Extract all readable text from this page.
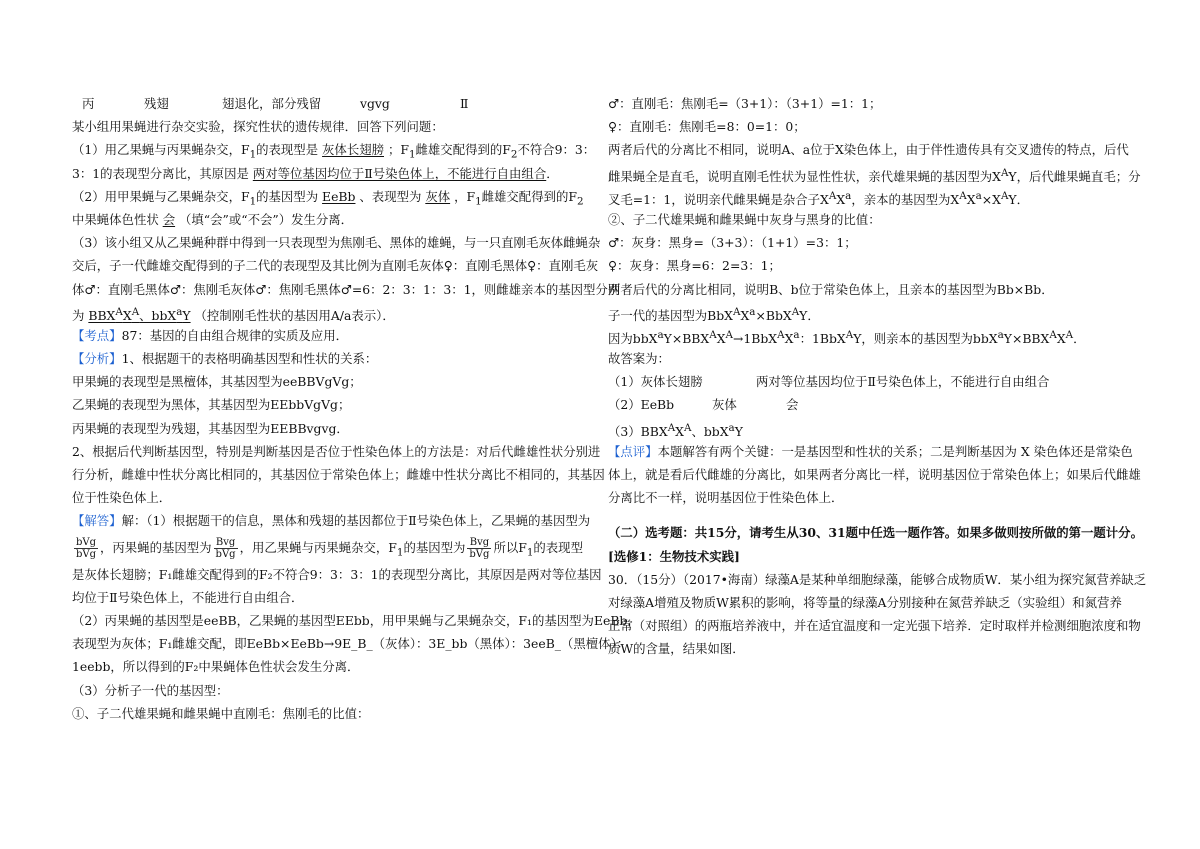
丙	残翅	翅退化，部分残留	vgvg	Ⅱ
某小组用果蝇进行杂交实验，探究性状的遗传规律．回答下列问题：
（1）用乙果蝇与丙果蝇杂交，$F_1$的表现型是 灰体长翅膀 ；$F_1$雌雄交配得到的$F_2$不符合9：3：
3：1的表现型分离比，其原因是 两对等位基因均位于Ⅱ号染色体上，不能进行自由组合．
（2）用甲果蝇与乙果蝇杂交，$F_1$的基因型为 EeBb 、表现型为 灰体 ，$F_1$雌雄交配得到的$F_2$
中果蝇体色性状 会 （填“会”或“不会”）发生分离．
（3）该小组又从乙果蝇种群中得到一只表现型为焦刚毛、黑体的雄蝇，与一只直刚毛灰体雌蝇杂
交后，子一代雌雄交配得到的子二代的表现型及其比例为直刚毛灰体♀：直刚毛黑体♀：直刚毛灰
体♂：直刚毛黑体♂：焦刚毛灰体♂：焦刚毛黑体♂=6：2：3：1：3：1，则雌雄亲本的基因型分别
为 $BBX^AX^A$、bbX$^a$Y （控制刚毛性状的基因用A/a表示）．
【考点】87：基因的自由组合规律的实质及应用．
【分析】1、根据题干的表格明确基因型和性状的关系：
甲果蝇的表现型是黑檀体，其基因型为eeBBVgVg；
乙果蝇的表现型为黑体，其基因型为EEbbVgVg；
丙果蝇的表现型为残翅，其基因型为EEBBvgvg．
2、根据后代判断基因型，特别是判断基因是否位于性染色体上的方法是：对后代雌雄性状分别进
行分析，雌雄中性状分离比相同的，其基因位于常染色体上；雌雄中性状分离比不相同的，其基因
位于性染色体上．
【解答】解：（1）根据题干的信息，黑体和残翅的基因都位于Ⅱ号染色体上，乙果蝇的基因型为
$\frac{\text{bVg}}{\text{bVg}}$ ，丙果蝇的基因型为 $\frac{\text{Bvg}}{\text{bVg}}$ ，用乙果蝇与丙果蝇杂交，$F_1$的基因型为 $\frac{\text{Bvg}}{\text{bVg}}$ 所以$F_1$的表现型
是灰体长翅膀；F₁雌雄交配得到的F₂不符合9：3：3：1的表现型分离比，其原因是两对等位基因
均位于Ⅱ号染色体上，不能进行自由组合．
（2）丙果蝇的基因型是eeBB，乙果蝇的基因型EEbb，用甲果蝇与乙果蝇杂交，F₁的基因型为EeBb，
表现型为灰体；F₁雌雄交配，即EeBb×EeBb→9E_B_（灰体）：3E_bb（黑体）：3eeB_（黑檀体）：
1eebb，所以得到的F₂中果蝇体色性状会发生分离．
（3）分析子一代的基因型：
①、子二代雄果蝇和雌果蝇中直刚毛：焦刚毛的比值：
♂：直刚毛：焦刚毛=（3+1）：（3+1）=1：1；
♀：直刚毛：焦刚毛=8：0=1：0；
两者后代的分离比不相同，说明A、a位于X染色体上，由于伴性遗传具有交叉遗传的特点，后代
雌果蝇全是直毛，说明直刚毛性状为显性性状，亲代雄果蝇的基因型为$X^AY$，后代雌果蝇直毛；分
叉毛=1：1，说明亲代雌果蝇是杂合子$X^AX^a$，亲本的基因型为$X^AX^a\times X^AY$．
②、子二代雄果蝇和雌果蝇中灰身与黑身的比值：
♂：灰身：黑身=（3+3）：（1+1）=3：1；
♀：灰身：黑身=6：2=3：1；
两者后代的分离比相同，说明B、b位于常染色体上，且亲本的基因型为Bb×Bb．
子一代的基因型为$BbX^AX^a\times BbX^AY$．
因为$bbX^aY\times BBX^AX^A\to 1BbX^AX^a$：1BbX$^A$Y，则亲本的基因型为$bbX^aY\times BBX^AX^A$．
故答案为：
（1）灰体长翅膀	两对等位基因均位于Ⅱ号染色体上，不能进行自由组合
（2）EeBb	灰体	会
$(3)BBX^AX^A$、bbX$^a$Y
【点评】本题解答有两个关键：一是基因型和性状的关系；二是判断基因为 X 染色体还是常染色
体上，就是看后代雌雄的分离比，如果两者分离比一样，说明基因位于常染色体上；如果后代雌雄
分离比不一样，说明基因位于性染色体上．
（二）选考题：共15分，请考生从30、31题中任选一题作答。如果多做则按所做的第一题计分。
[选修1：生物技术实践]
30．（15分）（2017•海南）绿藻A是某种单细胞绿藻，能够合成物质W．某小组为探究氮营养缺乏
对绿藻A增殖及物质W累积的影响，将等量的绿藻A分别接种在氮营养缺乏（实验组）和氮营养
正常（对照组）的两瓶培养液中，并在适宜温度和一定光强下培养．定时取样并检测细胞浓度和物
质W的含量，结果如图．
